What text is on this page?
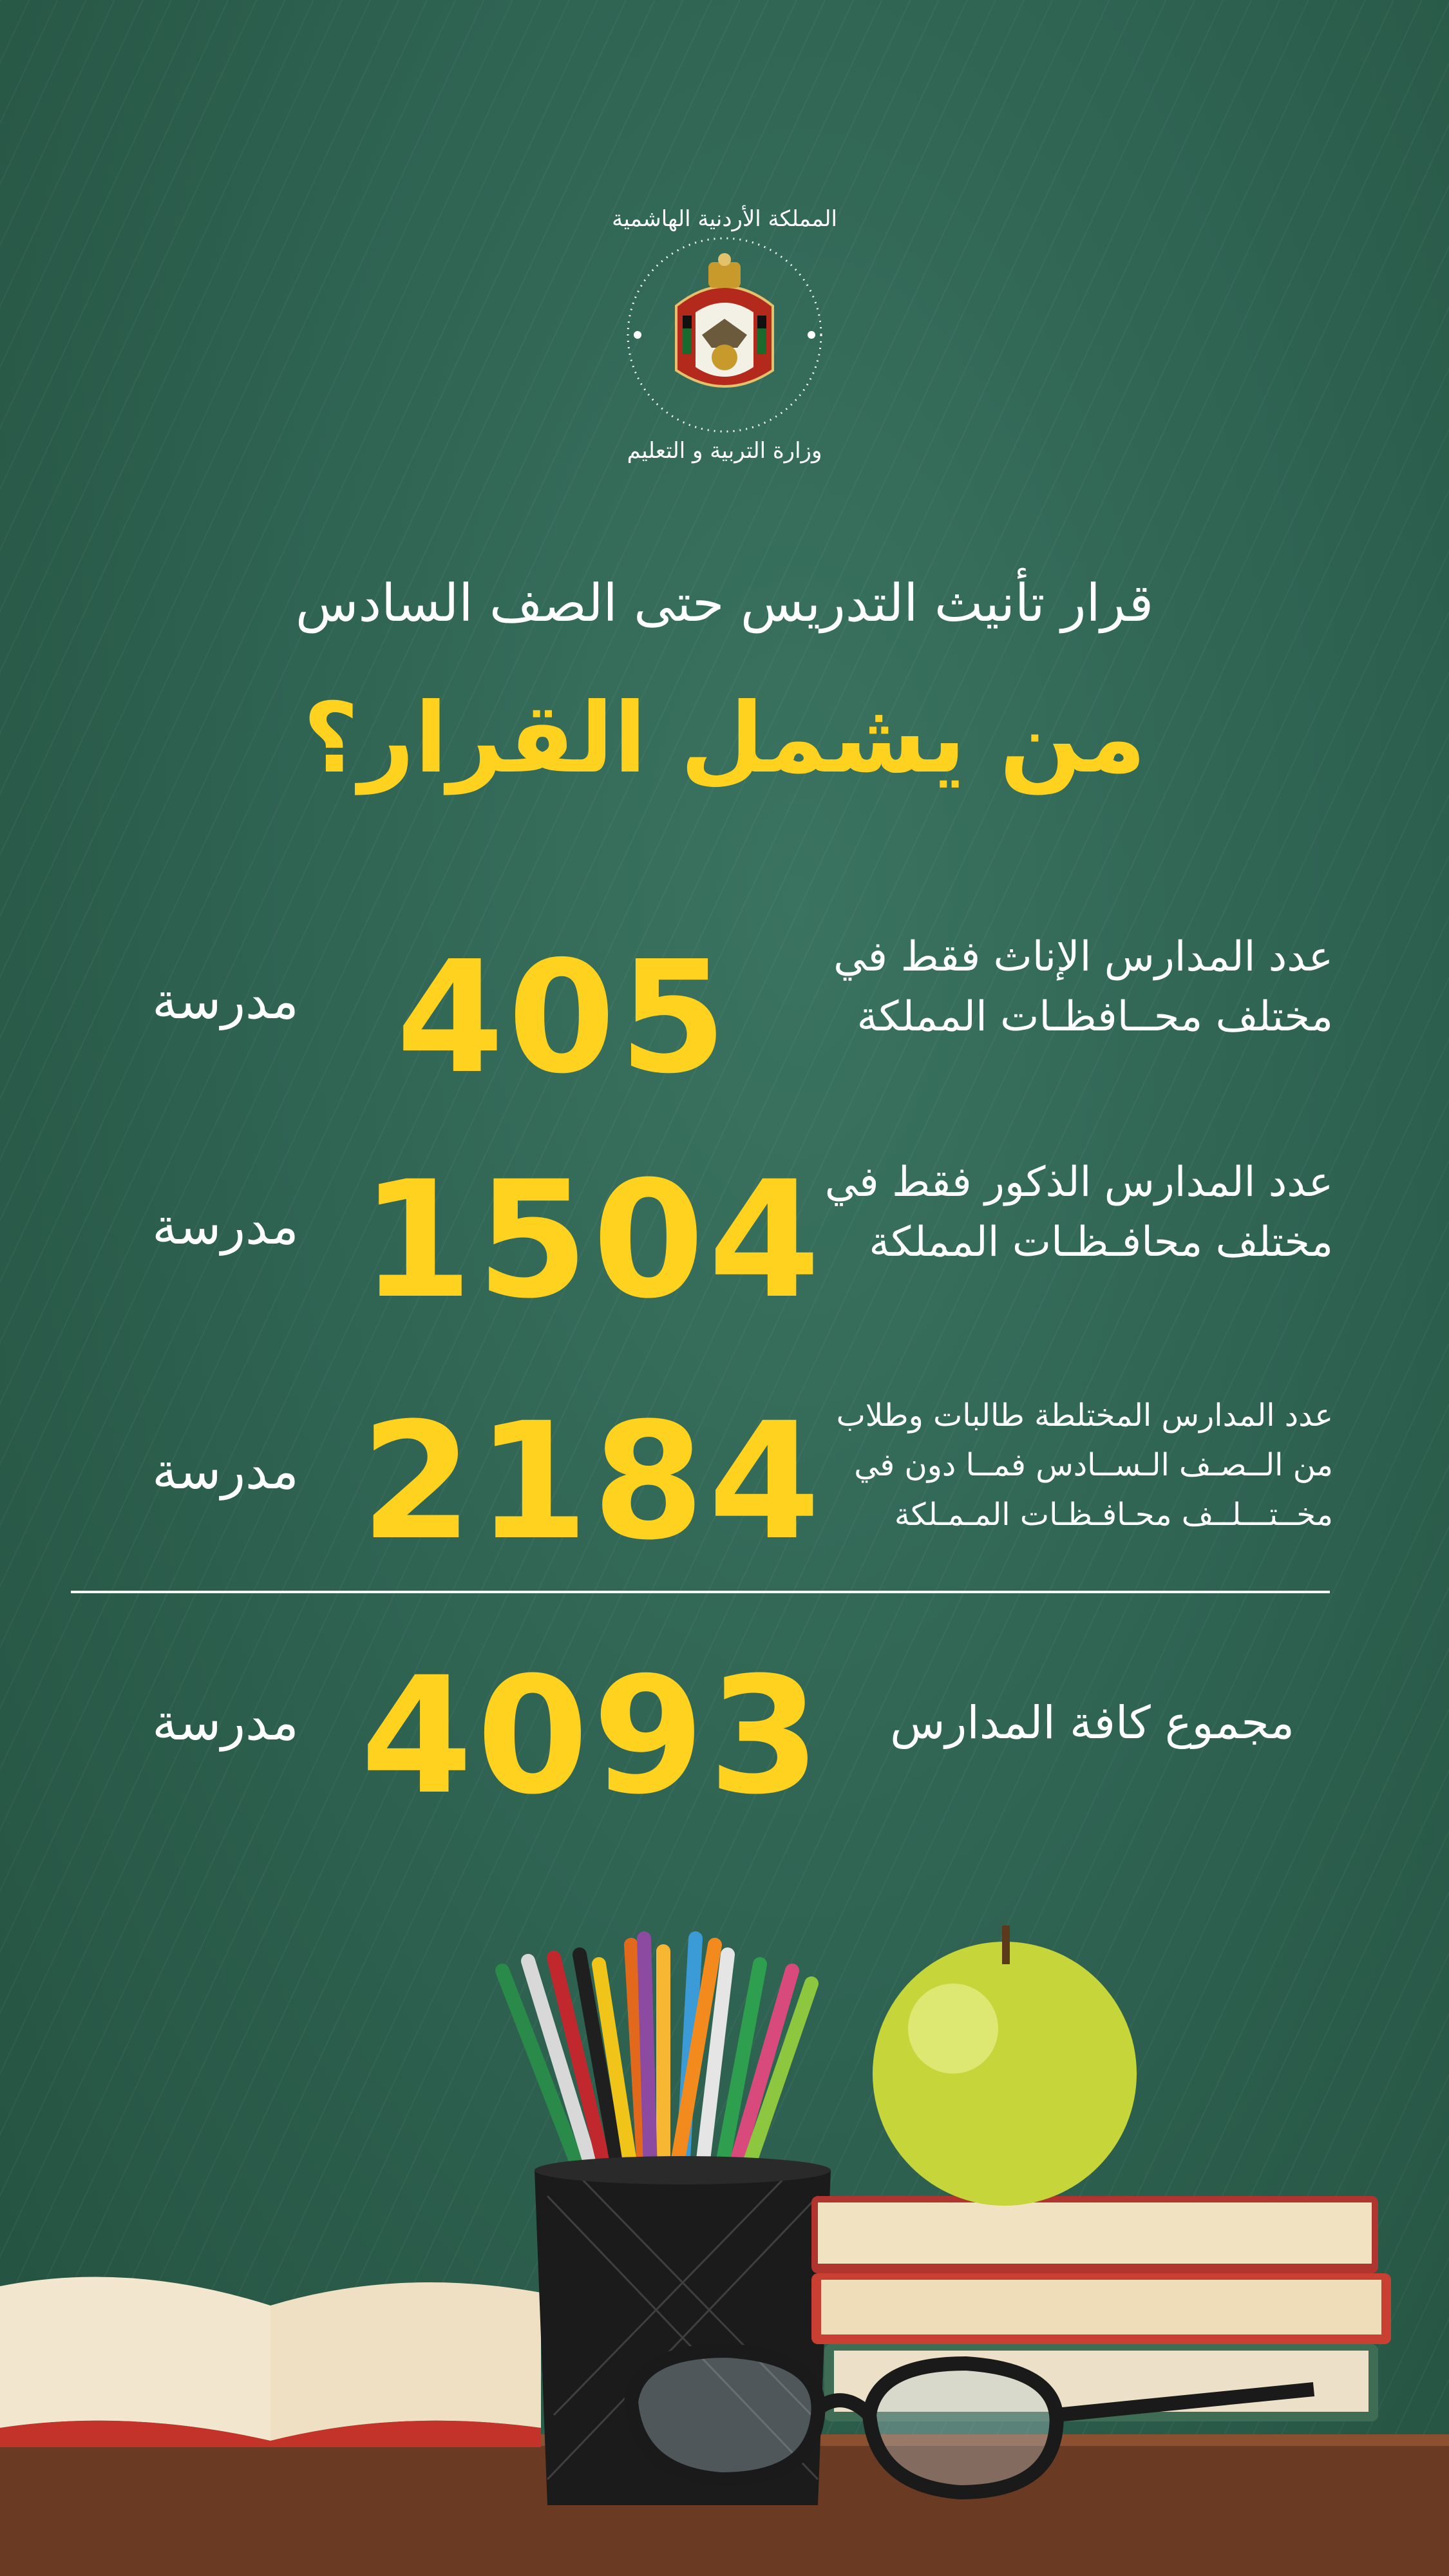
المملكة الأردنية الهاشمية
وزارة التربية و التعليم
قرار تأنيث التدريس حتى الصف السادس
من يشمل القرار؟
عدد المدارس الإناث فقط في
مختلف محــافظـات المملكة
405
مدرسة
عدد المدارس الذكور فقط في
مختلف محافـظـات المملكة
1504
مدرسة
عدد المدارس المختلطة طالبات وطلاب
من الــصـف الـســادس فمــا دون في
مخــتـــلــف محـافـظـات المـمـلكة
2184
مدرسة
مجموع كافة المدارس
4093
مدرسة
